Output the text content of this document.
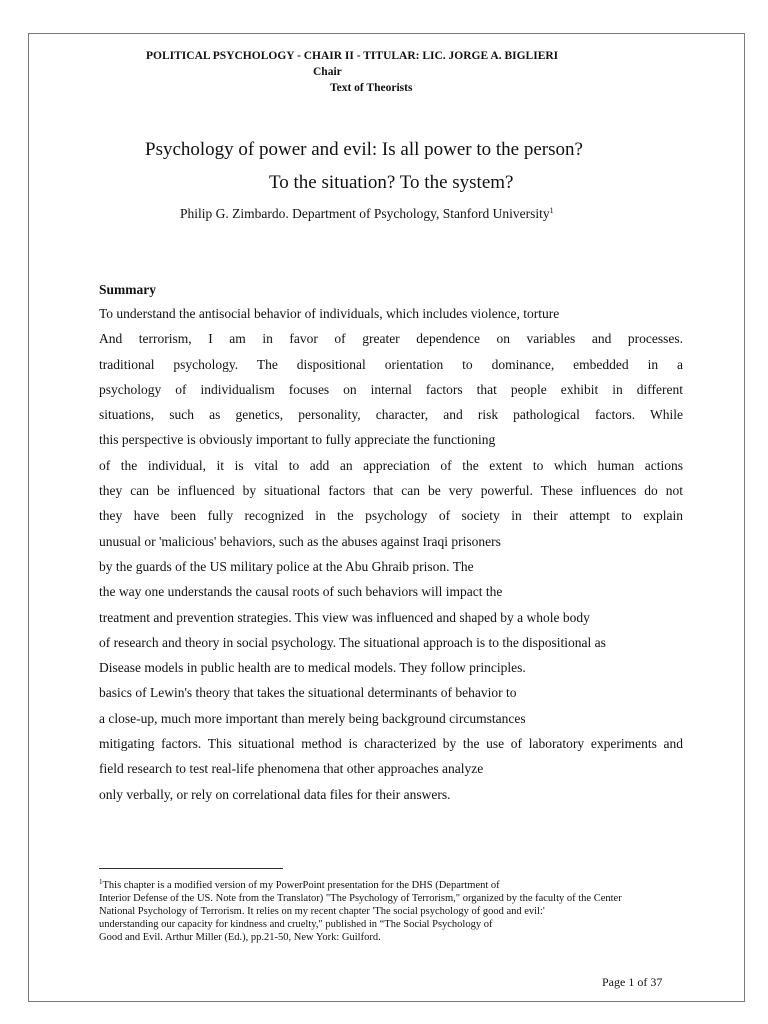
POLITICAL PSYCHOLOGY - CHAIR II - TITULAR: LIC. JORGE A. BIGLIERI
Chair
Text of Theorists
Psychology of power and evil: Is all power to the person?
To the situation? To the system?
Philip G. Zimbardo. Department of Psychology, Stanford University$^1$
Summary
To understand the antisocial behavior of individuals, which includes violence, torture
And terrorism, I am in favor of greater dependence on variables and processes.
traditional psychology. The dispositional orientation to dominance, embedded in a
psychology of individualism focuses on internal factors that people exhibit in different
situations, such as genetics, personality, character, and risk pathological factors. While
this perspective is obviously important to fully appreciate the functioning
of the individual, it is vital to add an appreciation of the extent to which human actions
they can be influenced by situational factors that can be very powerful. These influences do not
they have been fully recognized in the psychology of society in their attempt to explain
unusual or 'malicious' behaviors, such as the abuses against Iraqi prisoners
by the guards of the US military police at the Abu Ghraib prison. The
the way one understands the causal roots of such behaviors will impact the
treatment and prevention strategies. This view was influenced and shaped by a whole body
of research and theory in social psychology. The situational approach is to the dispositional as
Disease models in public health are to medical models. They follow principles.
basics of Lewin's theory that takes the situational determinants of behavior to
a close-up, much more important than merely being background circumstances
mitigating factors. This situational method is characterized by the use of laboratory experiments and
field research to test real-life phenomena that other approaches analyze
only verbally, or rely on correlational data files for their answers.
$^1$This chapter is a modified version of my PowerPoint presentation for the DHS (Department of
Interior Defense of the US. Note from the Translator) "The Psychology of Terrorism," organized by the faculty of the Center
National Psychology of Terrorism. It relies on my recent chapter 'The social psychology of good and evil:'
understanding our capacity for kindness and cruelty," published in “The Social Psychology of
Good and Evil. Arthur Miller (Ed.), pp.21-50, New York: Guilford.
Page 1 of 37
